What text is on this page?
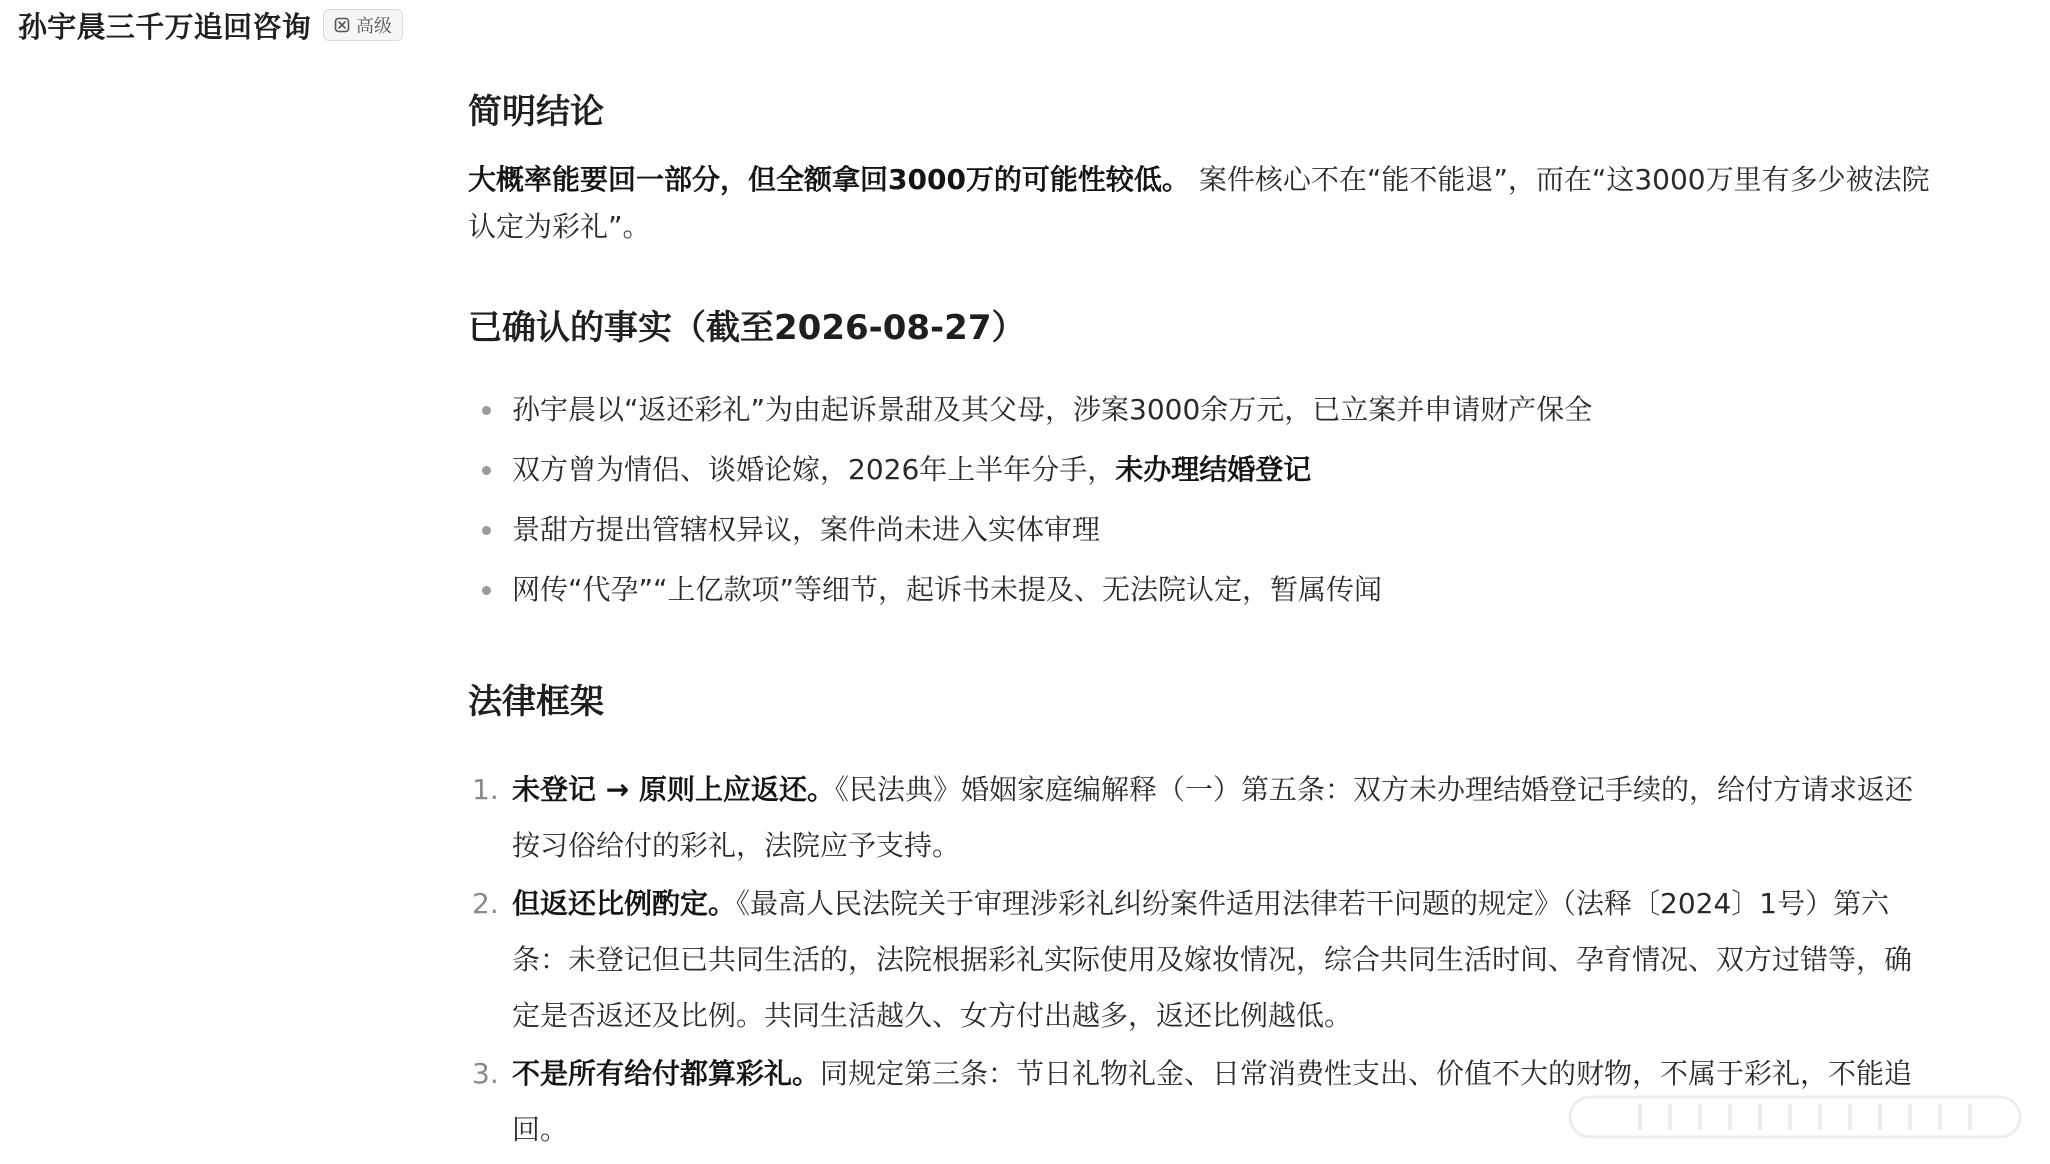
孙宇晨三千万追回咨询	高级
简明结论

大概率能要回一部分，但全额拿回3000万的可能性较低。 案件核心不在“能不能退”，而在“这3000万里有多少被法院认定为彩礼”。

已确认的事实（截至2026-08-27）
孙宇晨以“返还彩礼”为由起诉景甜及其父母，涉案3000余万元，已立案并申请财产保全
双方曾为情侣、谈婚论嫁，2026年上半年分手，未办理结婚登记
景甜方提出管辖权异议，案件尚未进入实体审理
网传“代孕”“上亿款项”等细节，起诉书未提及、无法院认定，暂属传闻
法律框架
1. 未登记 → 原则上应返还。《民法典》婚姻家庭编解释（一）第五条：双方未办理结婚登记手续的，给付方请求返还按习俗给付的彩礼，法院应予支持。
2. 但返还比例酌定。《最高人民法院关于审理涉彩礼纠纷案件适用法律若干问题的规定》（法释〔2024〕1号）第六条：未登记但已共同生活的，法院根据彩礼实际使用及嫁妆情况，综合共同生活时间、孕育情况、双方过错等，确定是否返还及比例。共同生活越久、女方付出越多，返还比例越低。
3. 不是所有给付都算彩礼。同规定第三条：节日礼物礼金、日常消费性支出、价值不大的财物，不属于彩礼，不能追回。
